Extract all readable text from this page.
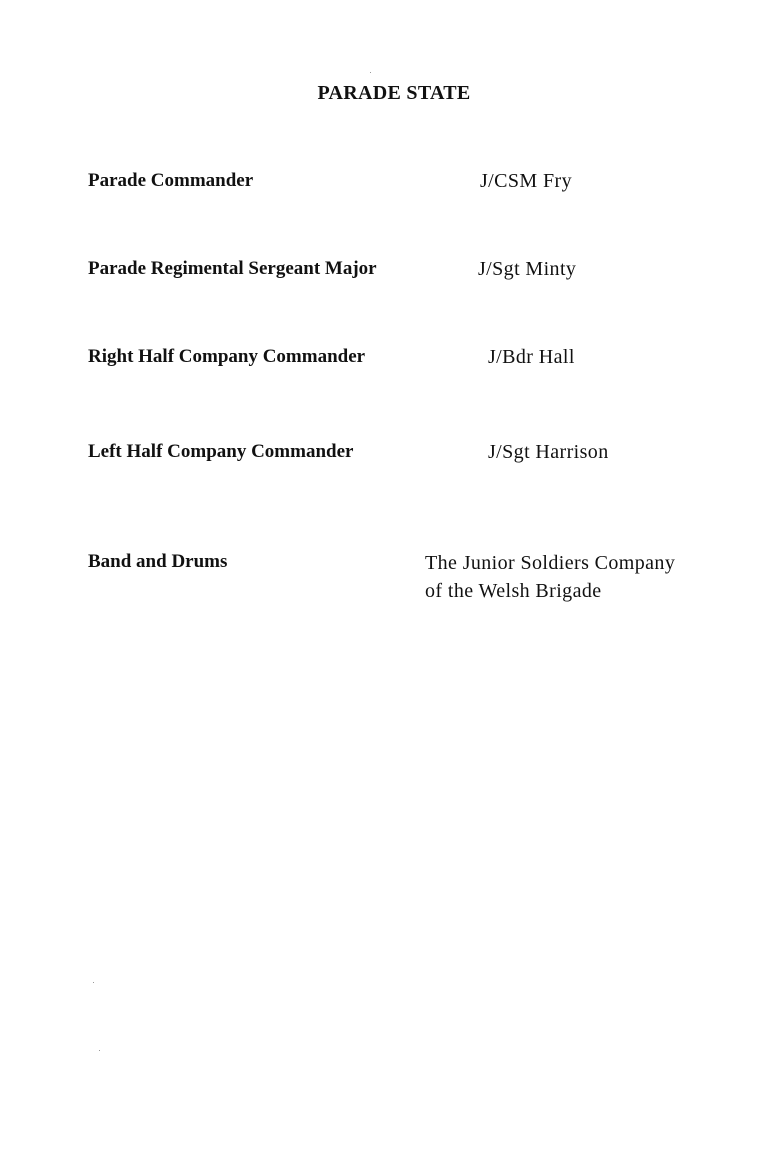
PARADE STATE
Parade Commander	J/CSM Fry
Parade Regimental Sergeant Major	J/Sgt Minty
Right Half Company Commander	J/Bdr Hall
Left Half Company Commander	J/Sgt Harrison
Band and Drums	The Junior Soldiers Company
of the Welsh Brigade
